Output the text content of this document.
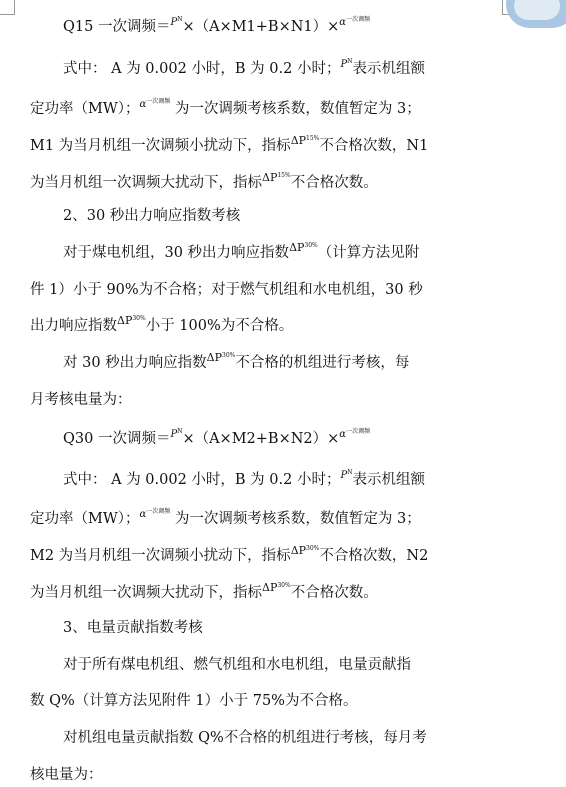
Q15 一次调频＝$^{P^N}$×（A×M1+B×N1）×$^{\alpha^{一次调频}}$
式中： A 为 0.002 小时，B 为 0.2 小时；$^{P^N}$表示机组额
定功率（MW）；$^{\alpha^{一次调频}}$ 为一次调频考核系数，数值暂定为 3；
M1 为当月机组一次调频小扰动下，指标$^{\Delta P^{15\%}}$不合格次数，N1
为当月机组一次调频大扰动下，指标$^{\Delta P^{15\%}}$不合格次数。
2、30 秒出力响应指数考核
对于煤电机组，30 秒出力响应指数$^{\Delta P^{30\%}}$（计算方法见附
件 1）小于 90%为不合格；对于燃气机组和水电机组，30 秒
出力响应指数$^{\Delta P^{30\%}}$小于 100%为不合格。
对 30 秒出力响应指数$^{\Delta P^{30\%}}$不合格的机组进行考核，每
月考核电量为：
Q30 一次调频＝$^{P^N}$×（A×M2+B×N2）×$^{\alpha^{一次调频}}$
式中： A 为 0.002 小时，B 为 0.2 小时；$^{P^N}$表示机组额
定功率（MW）；$^{\alpha^{一次调频}}$ 为一次调频考核系数，数值暂定为 3；
M2 为当月机组一次调频小扰动下，指标$^{\Delta P^{30\%}}$不合格次数，N2
为当月机组一次调频大扰动下，指标$^{\Delta P^{30\%}}$不合格次数。
3、电量贡献指数考核
对于所有煤电机组、燃气机组和水电机组，电量贡献指
数 Q%（计算方法见附件 1）小于 75%为不合格。
对机组电量贡献指数 Q%不合格的机组进行考核，每月考
核电量为：
